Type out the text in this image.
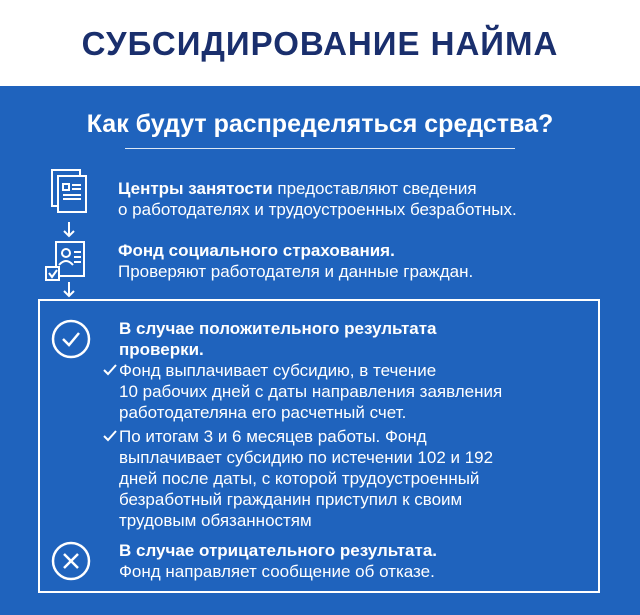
СУБСИДИРОВАНИЕ НАЙМА
Как будут распределяться средства?
Центры занятости предоставляют сведения
о работодателях и трудоустроенных безработных.
Фонд социального страхования.
Проверяют работодателя и данные граждан.
В случае положительного результата
проверки.
Фонд выплачивает субсидию, в течение
10 рабочих дней с даты направления заявления
работодателяна его расчетный счет.
По итогам 3 и 6 месяцев работы. Фонд
выплачивает субсидию по истечении 102 и 192
дней после даты, с которой трудоустроенный
безработный гражданин приступил к своим
трудовым обязанностям
В случае отрицательного результата.
Фонд направляет сообщение об отказе.
